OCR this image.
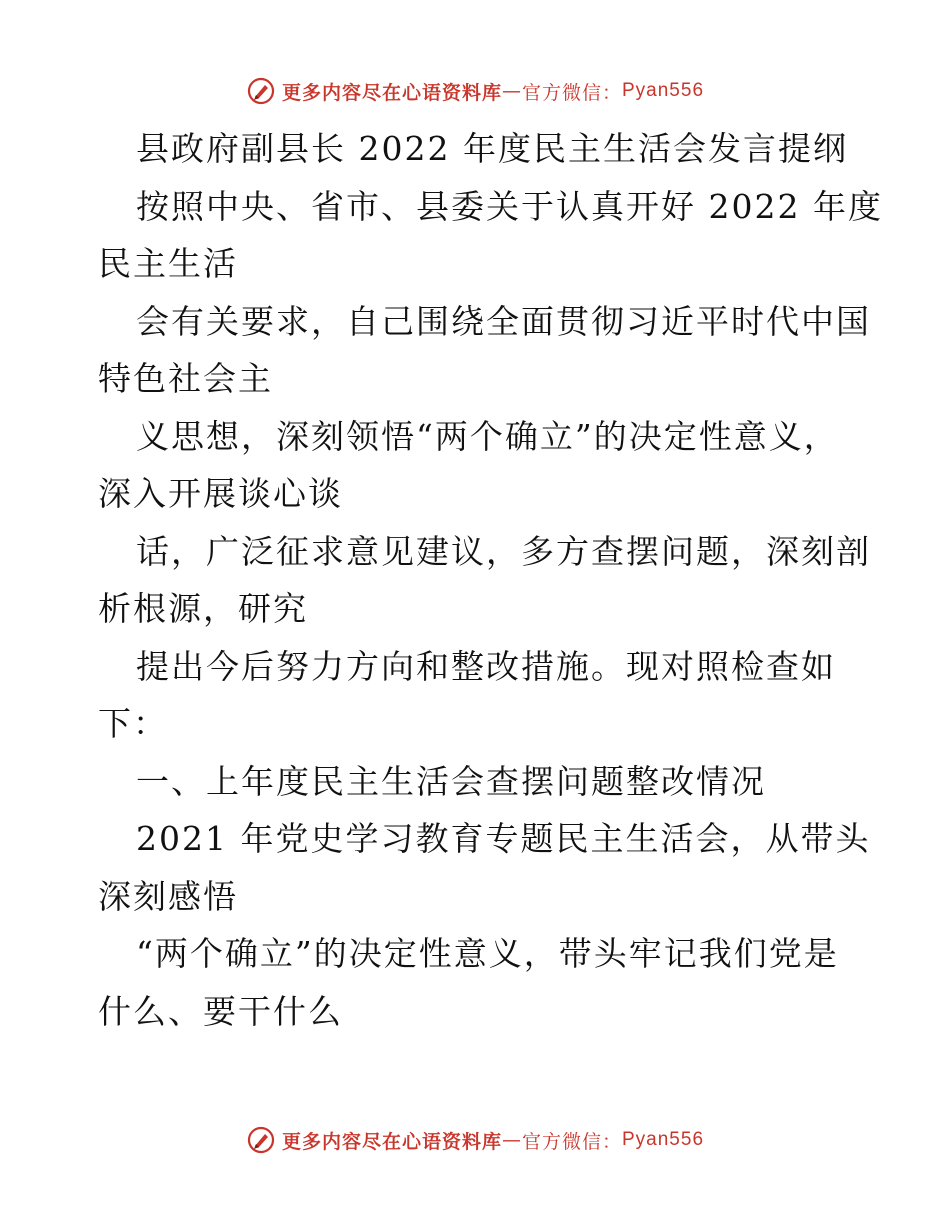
更多内容尽在心语资料库 — 官方微信： Pyan556
县政府副县长 2022 年度民主生活会发言提纲
按照中央、省市、县委关于认真开好 2022 年度
民主生活
会有关要求，自己围绕全面贯彻习近平时代中国
特色社会主
义思想，深刻领悟“两个确立”的决定性意义，
深入开展谈心谈
话，广泛征求意见建议，多方查摆问题，深刻剖
析根源，研究
提出今后努力方向和整改措施。现对照检查如
下：
一、上年度民主生活会查摆问题整改情况
2021 年党史学习教育专题民主生活会，从带头
深刻感悟
“两个确立”的决定性意义，带头牢记我们党是
什么、要干什么
更多内容尽在心语资料库 — 官方微信： Pyan556
